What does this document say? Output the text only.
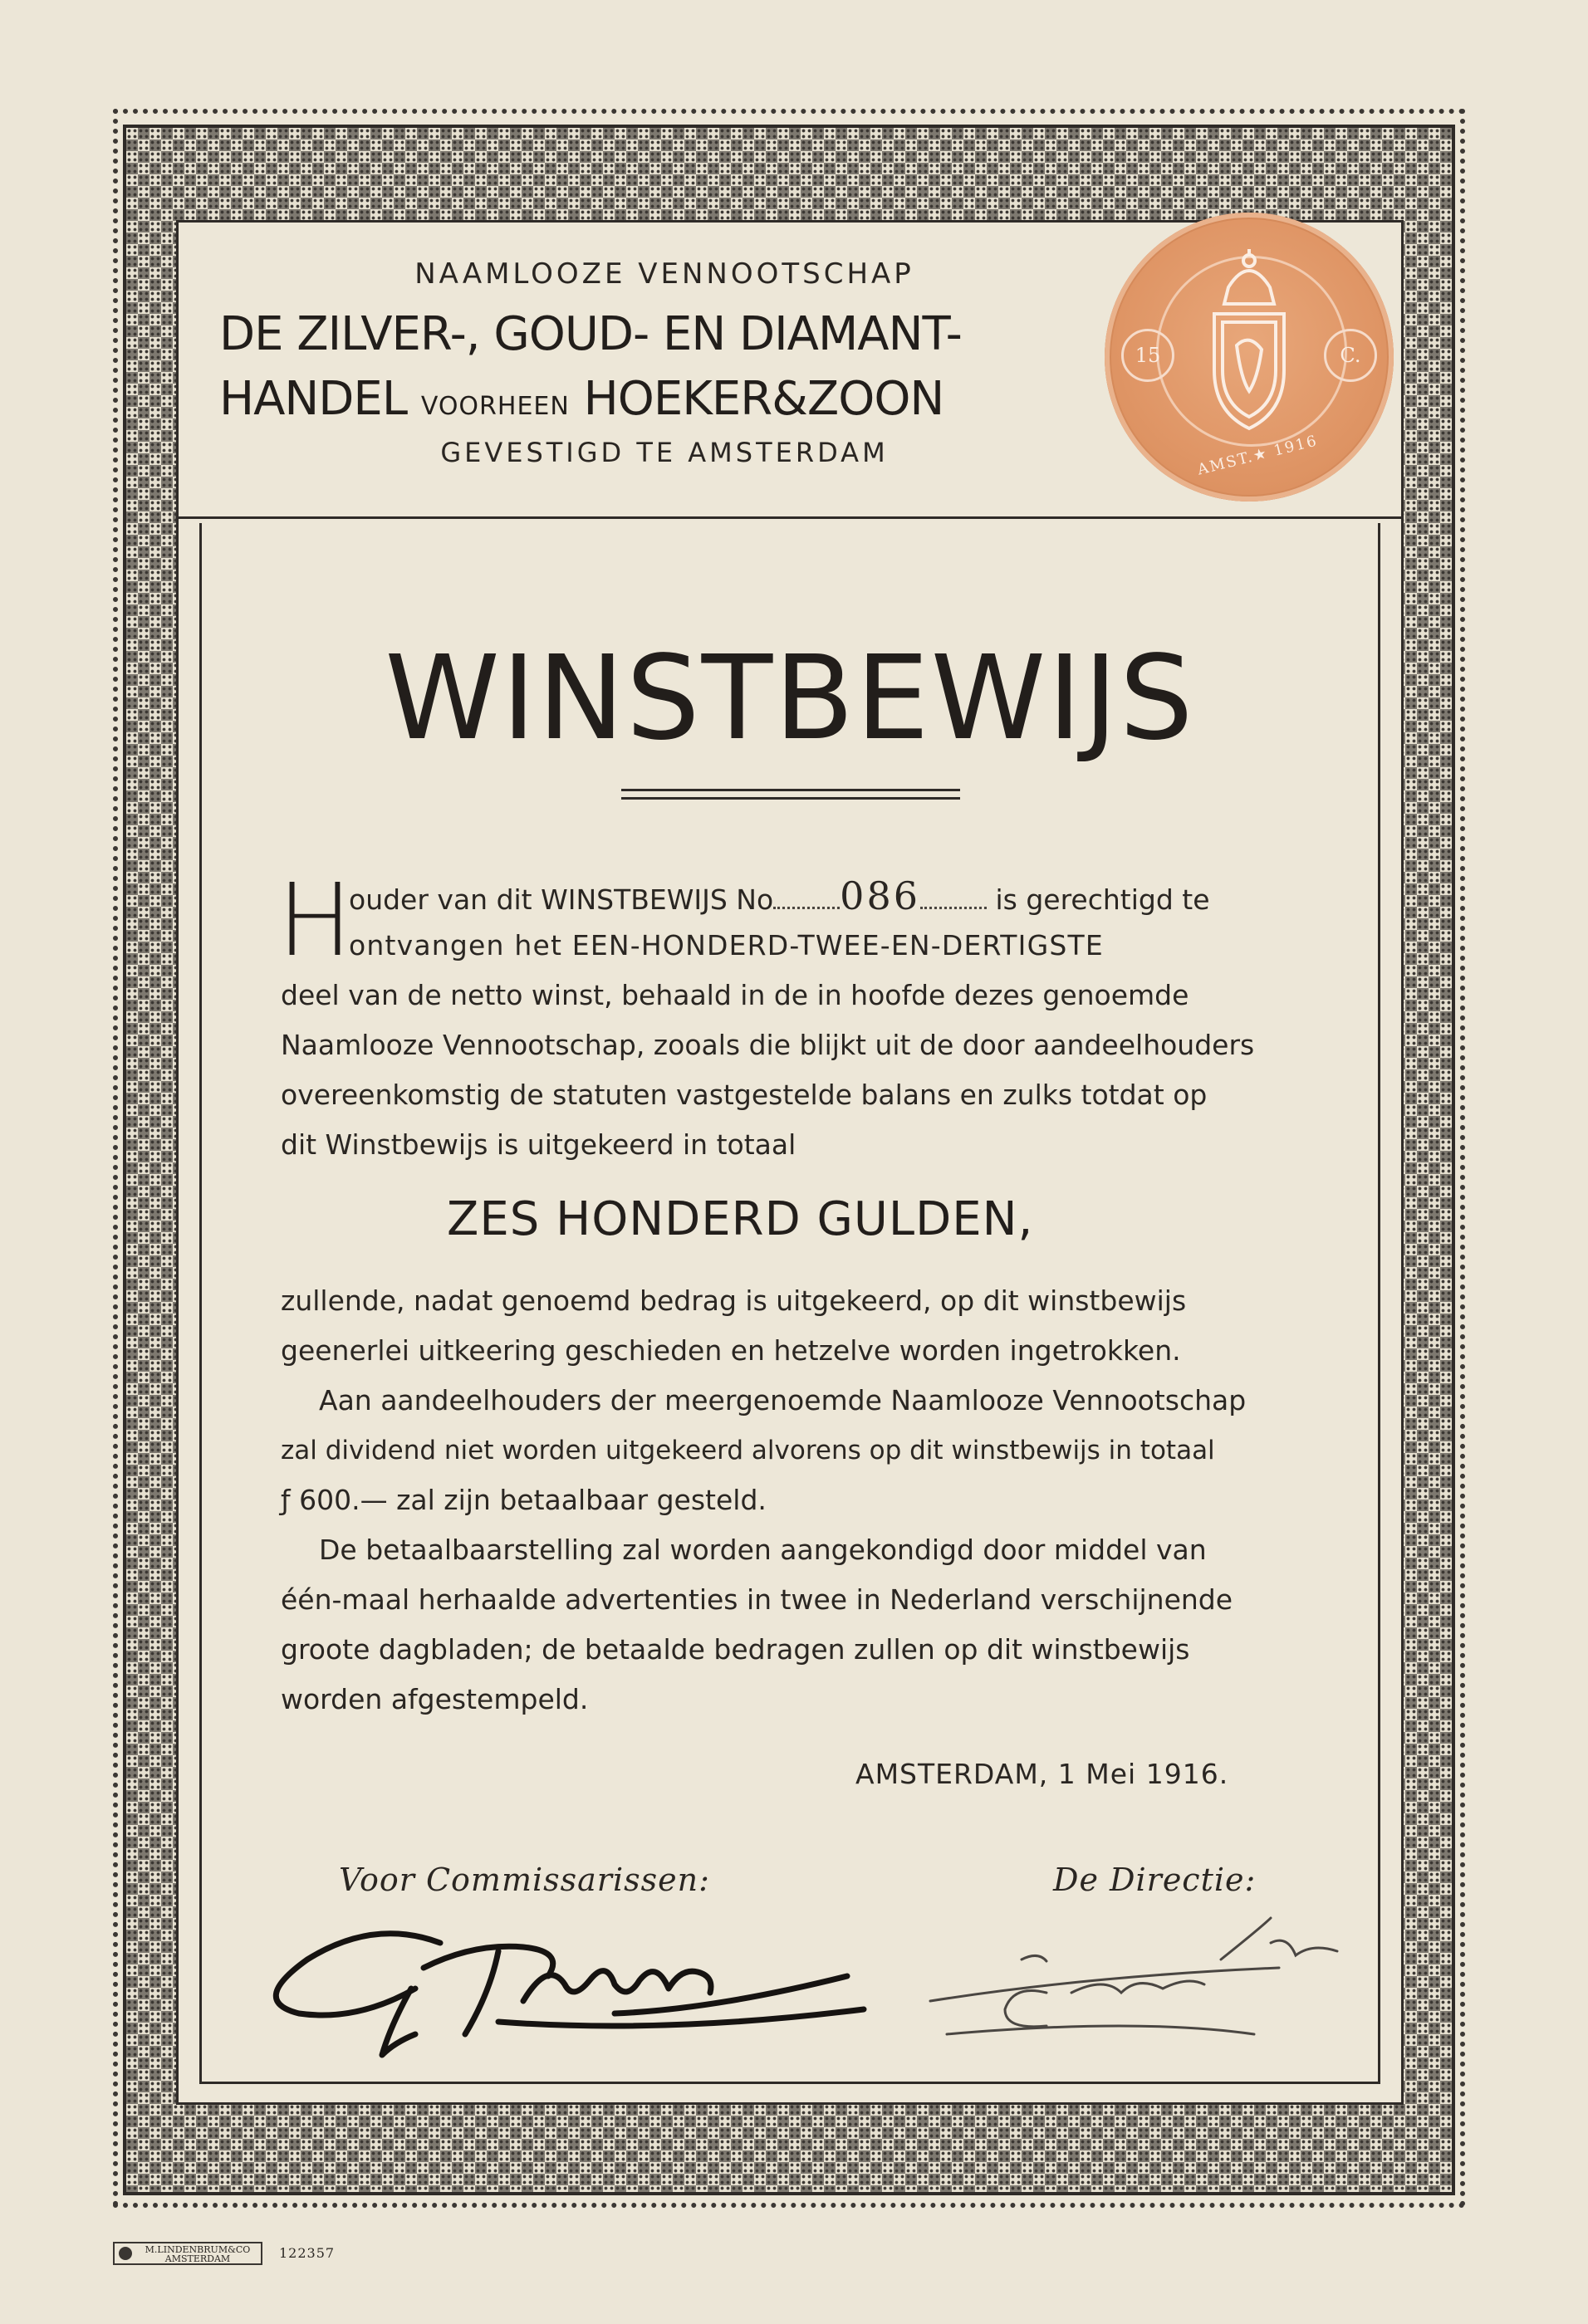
NAAMLOOZE VENNOOTSCHAP
DE ZILVER-, GOUD- EN DIAMANT-
HANDEL VOORHEEN HOEKER&ZOON
GEVESTIGD TE AMSTERDAM
15	C.
AMST.★ 1916
WINSTBEWIJS
H
ouder van dit WINSTBEWIJS No 086	is gerechtigd te
ontvangen het EEN-HONDERD-TWEE-EN-DERTIGSTE
deel van de netto winst, behaald in de in hoofde dezes genoemde
Naamlooze Vennootschap, zooals die blijkt uit de door aandeelhouders
overeenkomstig de statuten vastgestelde balans en zulks totdat op
dit Winstbewijs is uitgekeerd in totaal
ZES HONDERD GULDEN,
zullende, nadat genoemd bedrag is uitgekeerd, op dit winstbewijs
geenerlei uitkeering geschieden en hetzelve worden ingetrokken.
Aan aandeelhouders der meergenoemde Naamlooze Vennootschap
zal dividend niet worden uitgekeerd alvorens op dit winstbewijs in totaal
ƒ 600.— zal zijn betaalbaar gesteld.
De betaalbaarstelling zal worden aangekondigd door middel van
één-maal herhaalde advertenties in twee in Nederland verschijnende
groote dagbladen; de betaalde bedragen zullen op dit winstbewijs
worden afgestempeld.
AMSTERDAM, 1 Mei 1916.
Voor Commissarissen:	De Directie:
M.LINDENBRUM&CO AMSTERDAM	122357
